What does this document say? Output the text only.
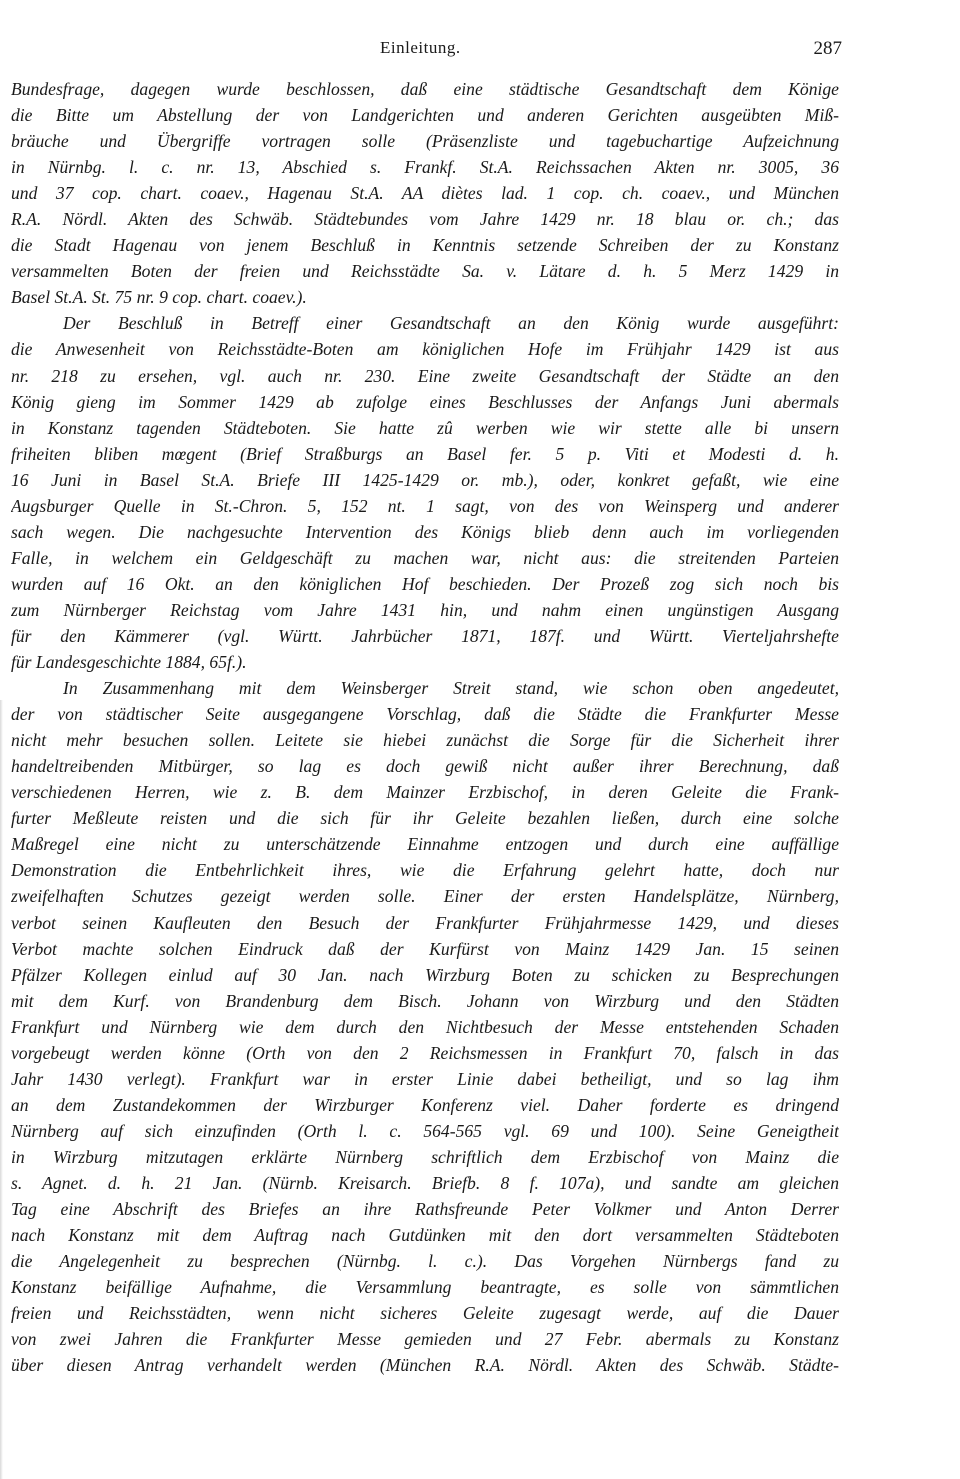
Einleitung.	287
Bundesfrage, dagegen wurde beschlossen, daß eine städtische Gesandtschaft dem Könige
die Bitte um Abstellung der von Landgerichten und anderen Gerichten ausgeübten Miß-
bräuche und Übergriffe vortragen solle (Präsenzliste und tagebuchartige Aufzeichnung
in Nürnbg. l. c. nr. 13, Abschied s. Frankf. St.A. Reichssachen Akten nr. 3005, 36
und 37 cop. chart. coaev., Hagenau St.A. AA diètes lad. 1 cop. ch. coaev., und München
R.A. Nördl. Akten des Schwäb. Städtebundes vom Jahre 1429 nr. 18 blau or. ch.; das
die Stadt Hagenau von jenem Beschluß in Kenntnis setzende Schreiben der zu Konstanz
versammelten Boten der freien und Reichsstädte Sa. v. Lätare d. h. 5 Merz 1429 in
Basel St.A. St. 75 nr. 9 cop. chart. coaev.).
Der Beschluß in Betreff einer Gesandtschaft an den König wurde ausgeführt:
die Anwesenheit von Reichsstädte-Boten am königlichen Hofe im Frühjahr 1429 ist aus
nr. 218 zu ersehen, vgl. auch nr. 230. Eine zweite Gesandtschaft der Städte an den
König gieng im Sommer 1429 ab zufolge eines Beschlusses der Anfangs Juni abermals
in Konstanz tagenden Städteboten. Sie hatte zû werben wie wir stette alle bi unsern
friheiten bliben mœgent (Brief Straßburgs an Basel fer. 5 p. Viti et Modesti d. h.
16 Juni in Basel St.A. Briefe III 1425-1429 or. mb.), oder, konkret gefaßt, wie eine
Augsburger Quelle in St.-Chron. 5, 152 nt. 1 sagt, von des von Weinsperg und anderer
sach wegen. Die nachgesuchte Intervention des Königs blieb denn auch im vorliegenden
Falle, in welchem ein Geldgeschäft zu machen war, nicht aus: die streitenden Parteien
wurden auf 16 Okt. an den königlichen Hof beschieden. Der Prozeß zog sich noch bis
zum Nürnberger Reichstag vom Jahre 1431 hin, und nahm einen ungünstigen Ausgang
für den Kämmerer (vgl. Württ. Jahrbücher 1871, 187f. und Württ. Vierteljahrshefte
für Landesgeschichte 1884, 65f.).
In Zusammenhang mit dem Weinsberger Streit stand, wie schon oben angedeutet,
der von städtischer Seite ausgegangene Vorschlag, daß die Städte die Frankfurter Messe
nicht mehr besuchen sollen. Leitete sie hiebei zunächst die Sorge für die Sicherheit ihrer
handeltreibenden Mitbürger, so lag es doch gewiß nicht außer ihrer Berechnung, daß
verschiedenen Herren, wie z. B. dem Mainzer Erzbischof, in deren Geleite die Frank-
furter Meßleute reisten und die sich für ihr Geleite bezahlen ließen, durch eine solche
Maßregel eine nicht zu unterschätzende Einnahme entzogen und durch eine auffällige
Demonstration die Entbehrlichkeit ihres, wie die Erfahrung gelehrt hatte, doch nur
zweifelhaften Schutzes gezeigt werden solle. Einer der ersten Handelsplätze, Nürnberg,
verbot seinen Kaufleuten den Besuch der Frankfurter Frühjahrmesse 1429, und dieses
Verbot machte solchen Eindruck daß der Kurfürst von Mainz 1429 Jan. 15 seinen
Pfälzer Kollegen einlud auf 30 Jan. nach Wirzburg Boten zu schicken zu Besprechungen
mit dem Kurf. von Brandenburg dem Bisch. Johann von Wirzburg und den Städten
Frankfurt und Nürnberg wie dem durch den Nichtbesuch der Messe entstehenden Schaden
vorgebeugt werden könne (Orth von den 2 Reichsmessen in Frankfurt 70, falsch in das
Jahr 1430 verlegt). Frankfurt war in erster Linie dabei betheiligt, und so lag ihm
an dem Zustandekommen der Wirzburger Konferenz viel. Daher forderte es dringend
Nürnberg auf sich einzufinden (Orth l. c. 564-565 vgl. 69 und 100). Seine Geneigtheit
in Wirzburg mitzutagen erklärte Nürnberg schriftlich dem Erzbischof von Mainz die
s. Agnet. d. h. 21 Jan. (Nürnb. Kreisarch. Briefb. 8 f. 107a), und sandte am gleichen
Tag eine Abschrift des Briefes an ihre Rathsfreunde Peter Volkmer und Anton Derrer
nach Konstanz mit dem Auftrag nach Gutdünken mit den dort versammelten Städteboten
die Angelegenheit zu besprechen (Nürnbg. l. c.). Das Vorgehen Nürnbergs fand zu
Konstanz beifällige Aufnahme, die Versammlung beantragte, es solle von sämmtlichen
freien und Reichsstädten, wenn nicht sicheres Geleite zugesagt werde, auf die Dauer
von zwei Jahren die Frankfurter Messe gemieden und 27 Febr. abermals zu Konstanz
über diesen Antrag verhandelt werden (München R.A. Nördl. Akten des Schwäb. Städte-
